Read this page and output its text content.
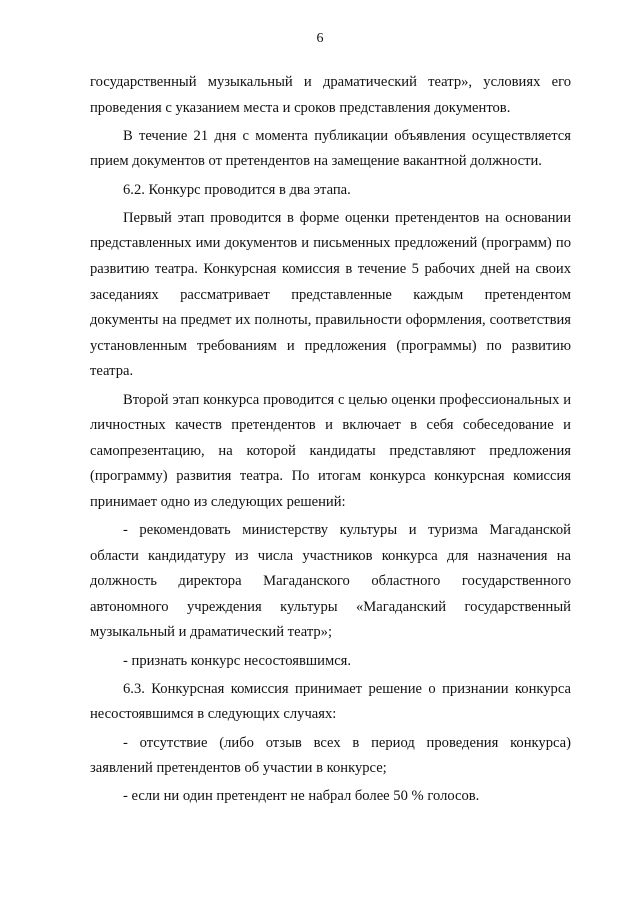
6

государственный музыкальный и драматический театр», условиях его проведения с указанием места и сроков представления документов.

В течение 21 дня с момента публикации объявления осуществляется прием документов от претендентов на замещение вакантной должности.

6.2. Конкурс проводится в два этапа.

Первый этап проводится в форме оценки претендентов на основании представленных ими документов и письменных предложений (программ) по развитию театра. Конкурсная комиссия в течение 5 рабочих дней на своих заседаниях рассматривает представленные каждым претендентом документы на предмет их полноты, правильности оформления, соответствия установленным требованиям и предложения (программы) по развитию театра.

Второй этап конкурса проводится с целью оценки профессиональных и личностных качеств претендентов и включает в себя собеседование и самопрезентацию, на которой кандидаты представляют предложения (программу) развития театра. По итогам конкурса конкурсная комиссия принимает одно из следующих решений:

- рекомендовать министерству культуры и туризма Магаданской области кандидатуру из числа участников конкурса для назначения на должность директора Магаданского областного государственного автономного учреждения культуры «Магаданский государственный музыкальный и драматический театр»;

- признать конкурс несостоявшимся.

6.3. Конкурсная комиссия принимает решение о признании конкурса несостоявшимся в следующих случаях:

- отсутствие (либо отзыв всех в период проведения конкурса) заявлений претендентов об участии в конкурсе;

- если ни один претендент не набрал более 50 % голосов.
